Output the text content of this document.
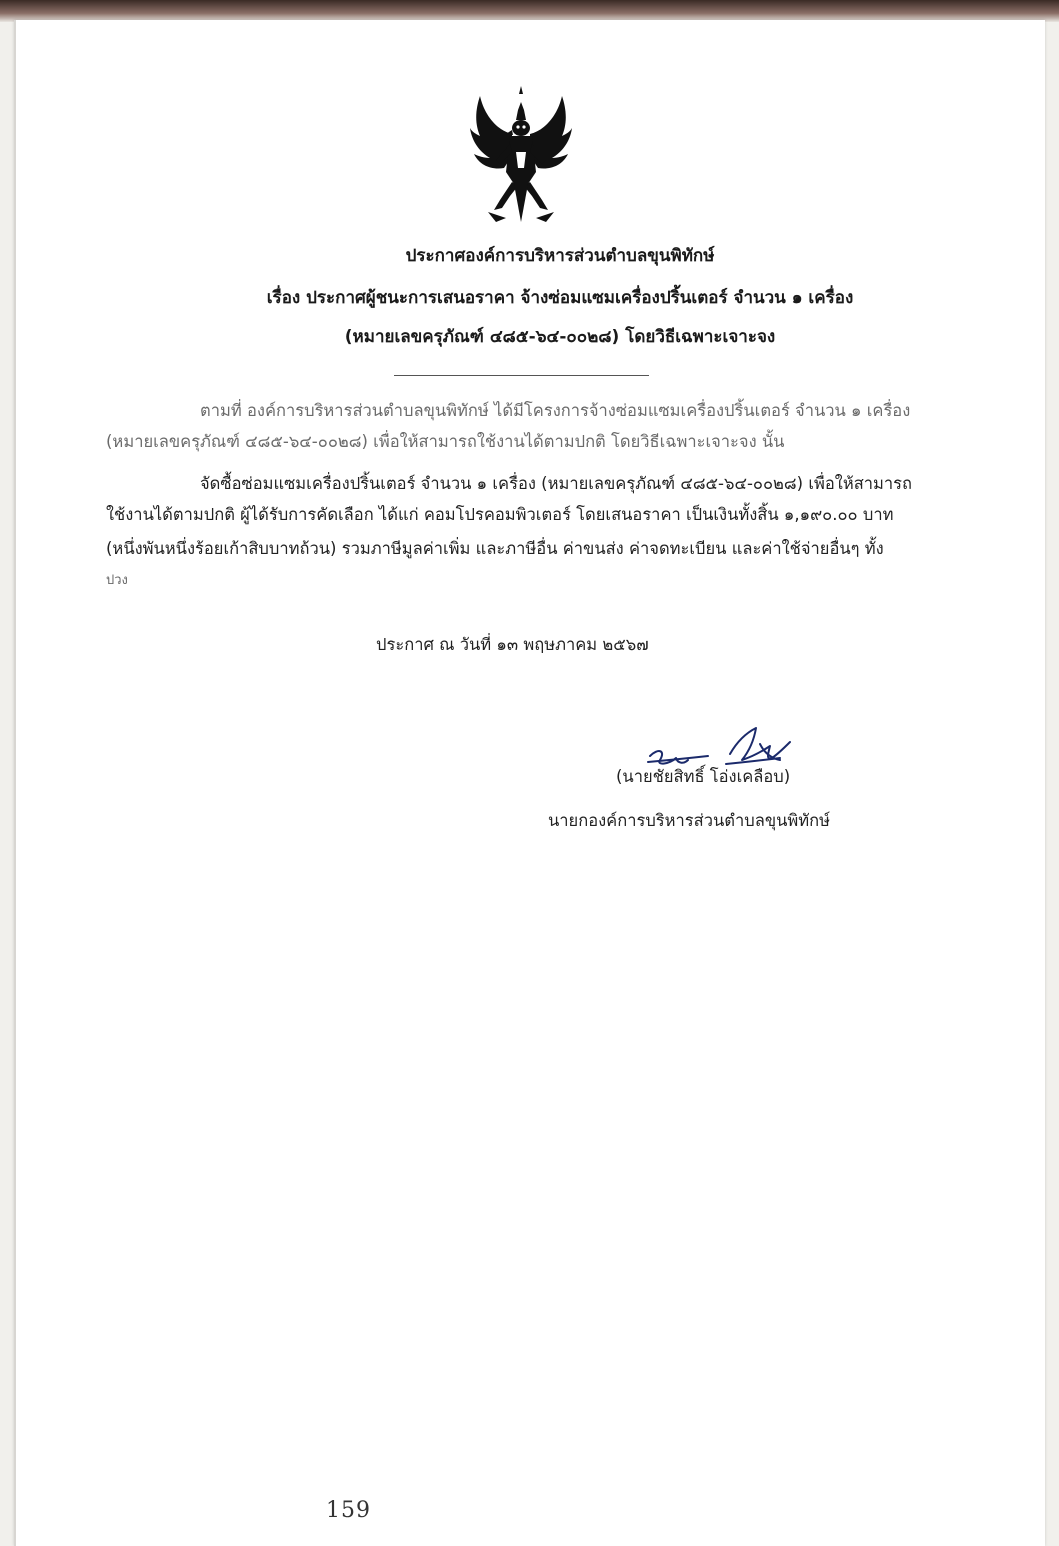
ประกาศองค์การบริหารส่วนตำบลขุนพิทักษ์
เรื่อง ประกาศผู้ชนะการเสนอราคา จ้างซ่อมแซมเครื่องปริ้นเตอร์ จำนวน ๑ เครื่อง
(หมายเลขครุภัณฑ์ ๔๘๕-๖๔-๐๐๒๘) โดยวิธีเฉพาะเจาะจง
ตามที่ องค์การบริหารส่วนตำบลขุนพิทักษ์ ได้มีโครงการจ้างซ่อมแซมเครื่องปริ้นเตอร์ จำนวน ๑ เครื่อง
(หมายเลขครุภัณฑ์ ๔๘๕-๖๔-๐๐๒๘) เพื่อให้สามารถใช้งานได้ตามปกติ โดยวิธีเฉพาะเจาะจง นั้น
จัดซื้อซ่อมแซมเครื่องปริ้นเตอร์ จำนวน ๑ เครื่อง (หมายเลขครุภัณฑ์ ๔๘๕-๖๔-๐๐๒๘) เพื่อให้สามารถ
ใช้งานได้ตามปกติ ผู้ได้รับการคัดเลือก ได้แก่ คอมโปรคอมพิวเตอร์ โดยเสนอราคา เป็นเงินทั้งสิ้น ๑,๑๙๐.๐๐ บาท
(หนึ่งพันหนึ่งร้อยเก้าสิบบาทถ้วน) รวมภาษีมูลค่าเพิ่ม และภาษีอื่น ค่าขนส่ง ค่าจดทะเบียน และค่าใช้จ่ายอื่นๆ ทั้ง
ปวง
ประกาศ ณ วันที่ ๑๓ พฤษภาคม ๒๕๖๗
(นายชัยสิทธิ์ โอ่งเคลือบ)
นายกองค์การบริหารส่วนตำบลขุนพิทักษ์
159
